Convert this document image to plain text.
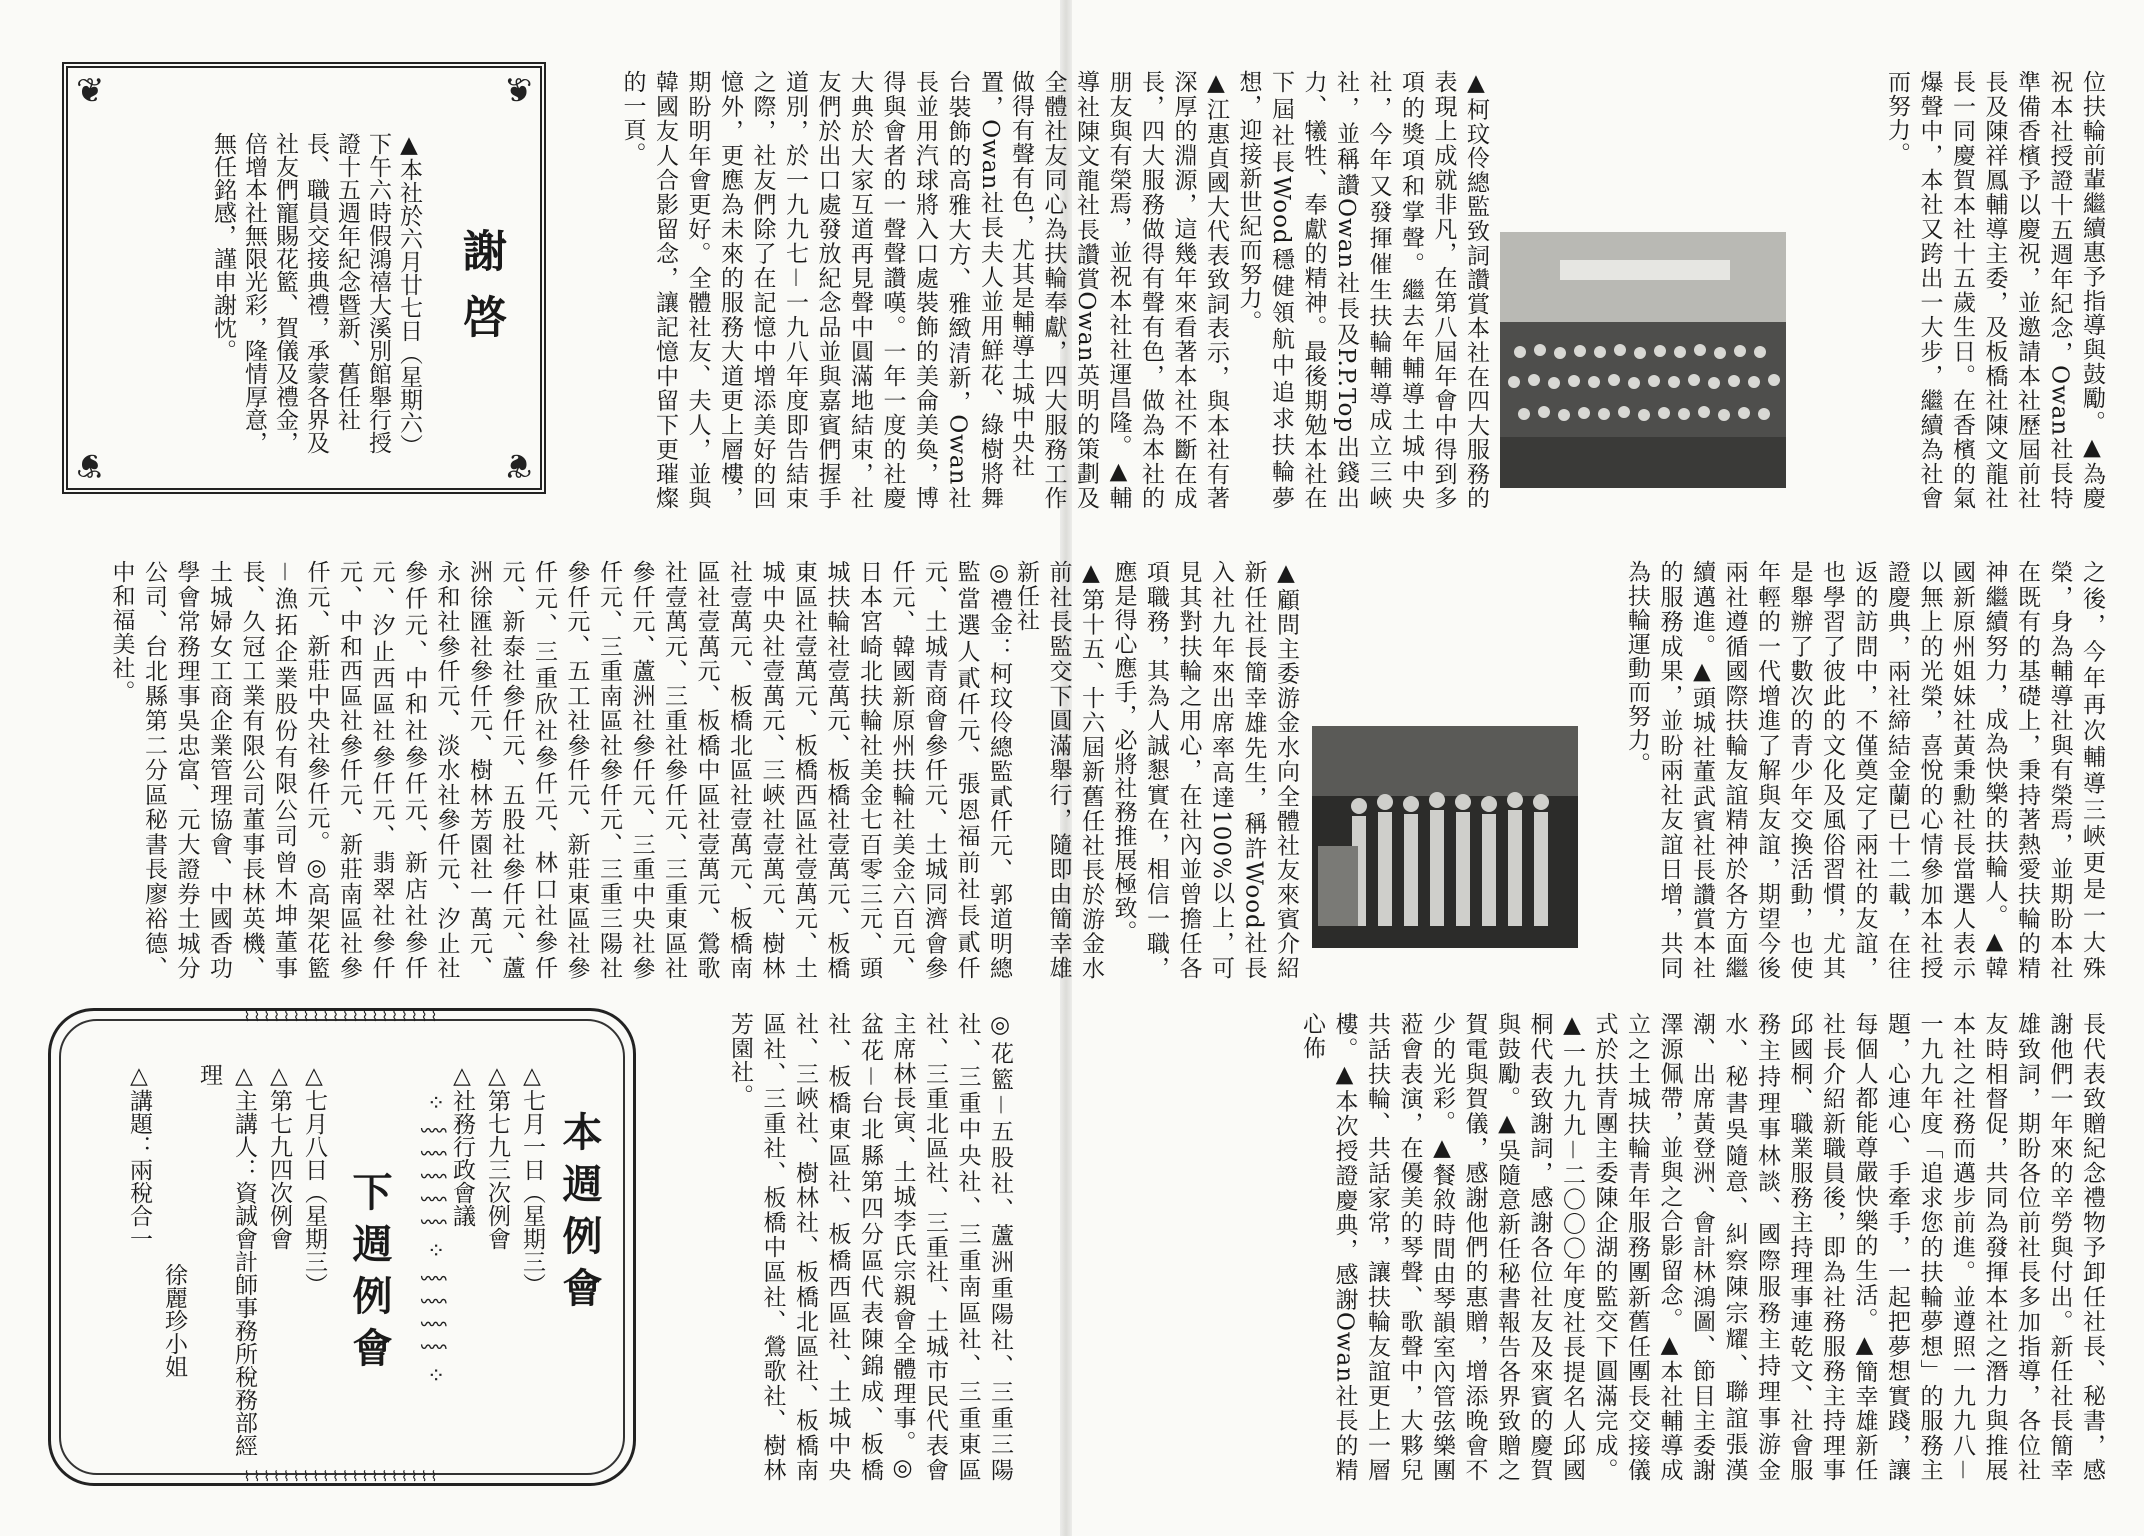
❦	❦
❦	❦
謝啓
▲本社於六月廿七日（星期六）下午六時假鴻禧大溪別館舉行授證十五週年紀念暨新、舊任社長、職員交接典禮，承蒙各界及社友們寵賜花籃、賀儀及禮金，倍增本社無限光彩，隆情厚意，無任銘感，謹申謝忱。	置，Owan社長夫人並用鮮花、綠樹將舞台裝飾的高雅大方、雅緻清新，Owan社長並用汽球將入口處裝飾的美侖美奐，博得與會者的一聲聲讚嘆。一年一度的社慶大典於大家互道再見聲中圓滿地結束，社友們於出口處發放紀念品並與嘉賓們握手道別，於一九九七－一九八年度即告結束之際，社友們除了在記憶中增添美好的回憶外，更應為未來的服務大道更上層樓，期盼明年會更好。全體社友、夫人，並與韓國友人合影留念，讓記憶中留下更璀燦的一頁。

◎禮金：柯玟伶總監貳仟元、郭道明總監當選人貳仟元、張恩福前社長貳仟元、土城青商會參仟元、土城同濟會參仟元、韓國新原州扶輪社美金六百元、日本宮崎北扶輪社美金七百零三元、頭城扶輪社壹萬元、板橋社壹萬元、板橋東區社壹萬元、板橋西區社壹萬元、土城中央社壹萬元、三峽社壹萬元、樹林社壹萬元、板橋北區社壹萬元、板橋南區社壹萬元、板橋中區社壹萬元、鶯歌社壹萬元、三重社參仟元、三重東區社參仟元、蘆洲社參仟元、三重中央社參仟元、三重南區社參仟元、三重三陽社參仟元、五工社參仟元、新莊東區社參仟元、三重欣社參仟元、林口社參仟元、新泰社參仟元、五股社參仟元、蘆洲徐匯社參仟元、樹林芳園社一萬元、永和社參仟元、淡水社參仟元、汐止社參仟元、中和社參仟元、新店社參仟元、汐止西區社參仟元、翡翠社參仟元、中和西區社參仟元、新莊南區社參仟元、新莊中央社參仟元。◎高架花籃－漁拓企業股份有限公司曾木坤董事長、久冠工業有限公司董事長林英機、土城婦女工商企業管理協會、中國香功學會常務理事吳忠富、元大證券土城分公司、台北縣第二分區秘書長廖裕德、中和福美社。

⌇⌇⌇⌇⌇⌇⌇⌇⌇⌇⌇⌇⌇⌇⌇⌇⌇⌇⌇⌇
⌇⌇⌇⌇⌇⌇⌇⌇⌇⌇⌇⌇⌇⌇⌇⌇⌇⌇⌇⌇
本週例會
△七月一日（星期三）
△第七九三次例會
△社務行政會議
⁘ ⸾ ⸾ ⸾ ⸾ ⸾ ⁘ ⸾ ⸾ ⸾ ⸾ ⁘
下週例會
△七月八日（星期三）
△第七九四次例會
△主講人：資誠會計師事務所稅務部經理
徐麗珍小姐
△講題：兩稅合一	◎花籃－五股社、蘆洲重陽社、三重三陽社、三重中央社、三重南區社、三重東區社、三重北區社、三重社、土城市民代表會主席林長寅、土城李氏宗親會全體理事。◎盆花－台北縣第四分區代表陳錦成、板橋社、板橋東區社、板橋西區社、土城中央社、三峽社、樹林社、板橋北區社、板橋南區社、三重社、板橋中區社、鶯歌社、樹林芳園社。

位扶輪前輩繼續惠予指導與鼓勵。▲為慶祝本社授證十五週年紀念，Owan社長特準備香檳予以慶祝，並邀請本社歷屆前社長及陳祥鳳輔導主委，及板橋社陳文龍社長一同慶賀本社十五歲生日。在香檳的氣爆聲中，本社又跨出一大步，繼續為社會而努力。

▲柯玟伶總監致詞讚賞本社在四大服務的表現上成就非凡，在第八屆年會中得到多項的獎項和掌聲。繼去年輔導土城中央社，今年又發揮催生扶輪輔導成立三峽社，並稱讚Owan社長及P.P.Top出錢出力、犧牲、奉獻的精神。最後期勉本社在下屆社長Wood穩健領航中追求扶輪夢想，迎接新世紀而努力。

▲江惠貞國大代表致詞表示，與本社有著深厚的淵源，這幾年來看著本社不斷在成長，四大服務做得有聲有色，做為本社的朋友與有榮焉，並祝本社社運昌隆。▲輔導社陳文龍社長讚賞Owan英明的策劃及全體社友同心為扶輪奉獻，四大服務工作做得有聲有色，尤其是輔導土城中央社

之後，今年再次輔導三峽更是一大殊榮，身為輔導社與有榮焉，並期盼本社在既有的基礎上，秉持著熱愛扶輪的精神繼續努力，成為快樂的扶輪人。▲韓國新原州姐妹社黃秉勳社長當選人表示以無上的光榮，喜悅的心情參加本社授證慶典，兩社締結金蘭已十二載，在往返的訪問中，不僅奠定了兩社的友誼，也學習了彼此的文化及風俗習慣，尤其是舉辦了數次的青少年交換活動，也使年輕的一代增進了解與友誼，期望今後兩社遵循國際扶輪友誼精神於各方面繼續邁進。▲頭城社董武賓社長讚賞本社的服務成果，並盼兩社友誼日增，共同為扶輪運動而努力。

▲顧問主委游金水向全體社友來賓介紹新任社長簡幸雄先生，稱許Wood社長入社九年來出席率高達100%以上，可見其對扶輪之用心，在社內並曾擔任各項職務，其為人誠懇實在，相信一職，應是得心應手，必將社務推展極致。

▲第十五、十六屆新舊任社長於游金水前社長監交下圓滿舉行，隨即由簡幸雄新任社

長代表致贈紀念禮物予卸任社長、秘書，感謝他們一年來的辛勞與付出。新任社長簡幸雄致詞，期盼各位前社長多加指導，各位社友時相督促，共同為發揮本社之潛力與推展本社之社務而邁步前進。並遵照一九九八－一九九年度「追求您的扶輪夢想」的服務主題，心連心、手牽手，一起把夢想實踐，讓每個人都能尊嚴快樂的生活。▲簡幸雄新任社長介紹新職員後，即為社務服務主持理事邱國桐、職業服務主持理事連乾文、社會服務主持理事林談、國際服務主持理事游金水、秘書吳隨意、糾察陳宗耀、聯誼張漢潮、出席黃登洲、會計林鴻圖、節目主委謝澤源佩帶，並與之合影留念。▲本社輔導成立之土城扶輪青年服務團新舊任團長交接儀式於扶青團主委陳企湖的監交下圓滿完成。▲一九九九－二〇〇〇年度社長提名人邱國桐代表致謝詞，感謝各位社友及來賓的慶賀與鼓勵。▲吳隨意新任秘書報告各界致贈之賀電與賀儀，感謝他們的惠贈，增添晚會不少的光彩。▲餐敘時間由琴韻室內管弦樂團蒞會表演，在優美的琴聲、歌聲中，大夥兒共話扶輪、共話家常，讓扶輪友誼更上一層樓。▲本次授證慶典，感謝Owan社長的精心佈
